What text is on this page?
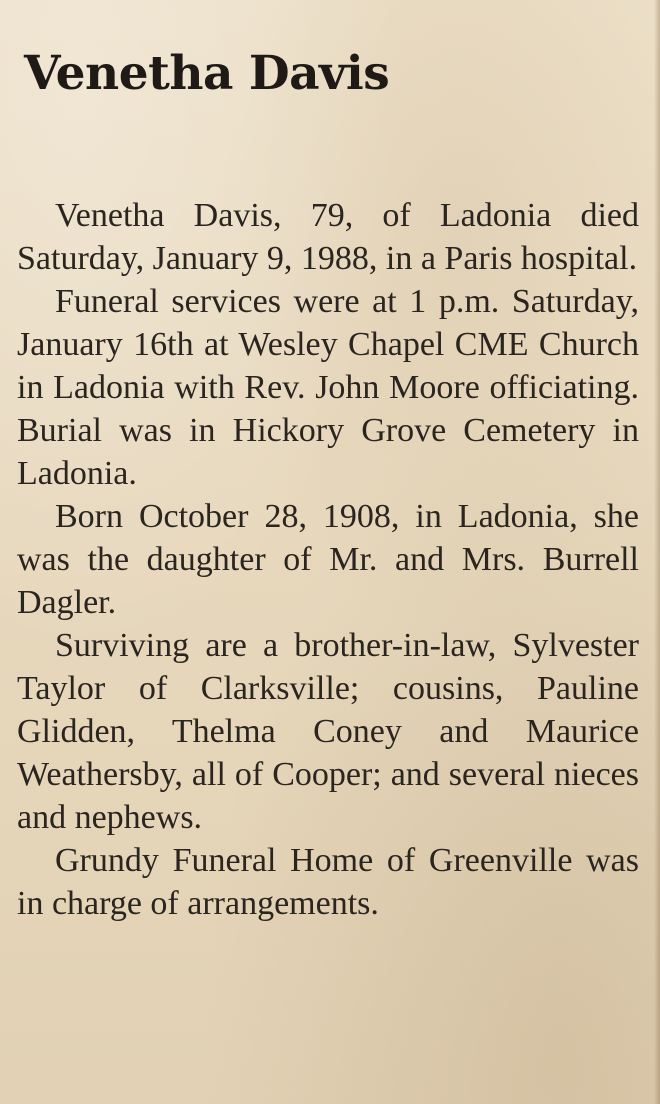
Venetha Davis

Venetha Davis, 79, of Ladonia died Saturday, January 9, 1988, in a Paris hospital.

Funeral services were at 1 p.m. Saturday, January 16th at Wesley Chapel CME Church in Ladonia with Rev. John Moore officiating. Burial was in Hickory Grove Cemetery in Ladonia.

Born October 28, 1908, in Ladonia, she was the daughter of Mr. and Mrs. Burrell Dagler.

Surviving are a brother-in-law, Sylvester Taylor of Clarksville; cousins, Pauline Glidden, Thelma Coney and Maurice Weathersby, all of Cooper; and several nieces and nephews.

Grundy Funeral Home of Greenville was in charge of arrangements.
